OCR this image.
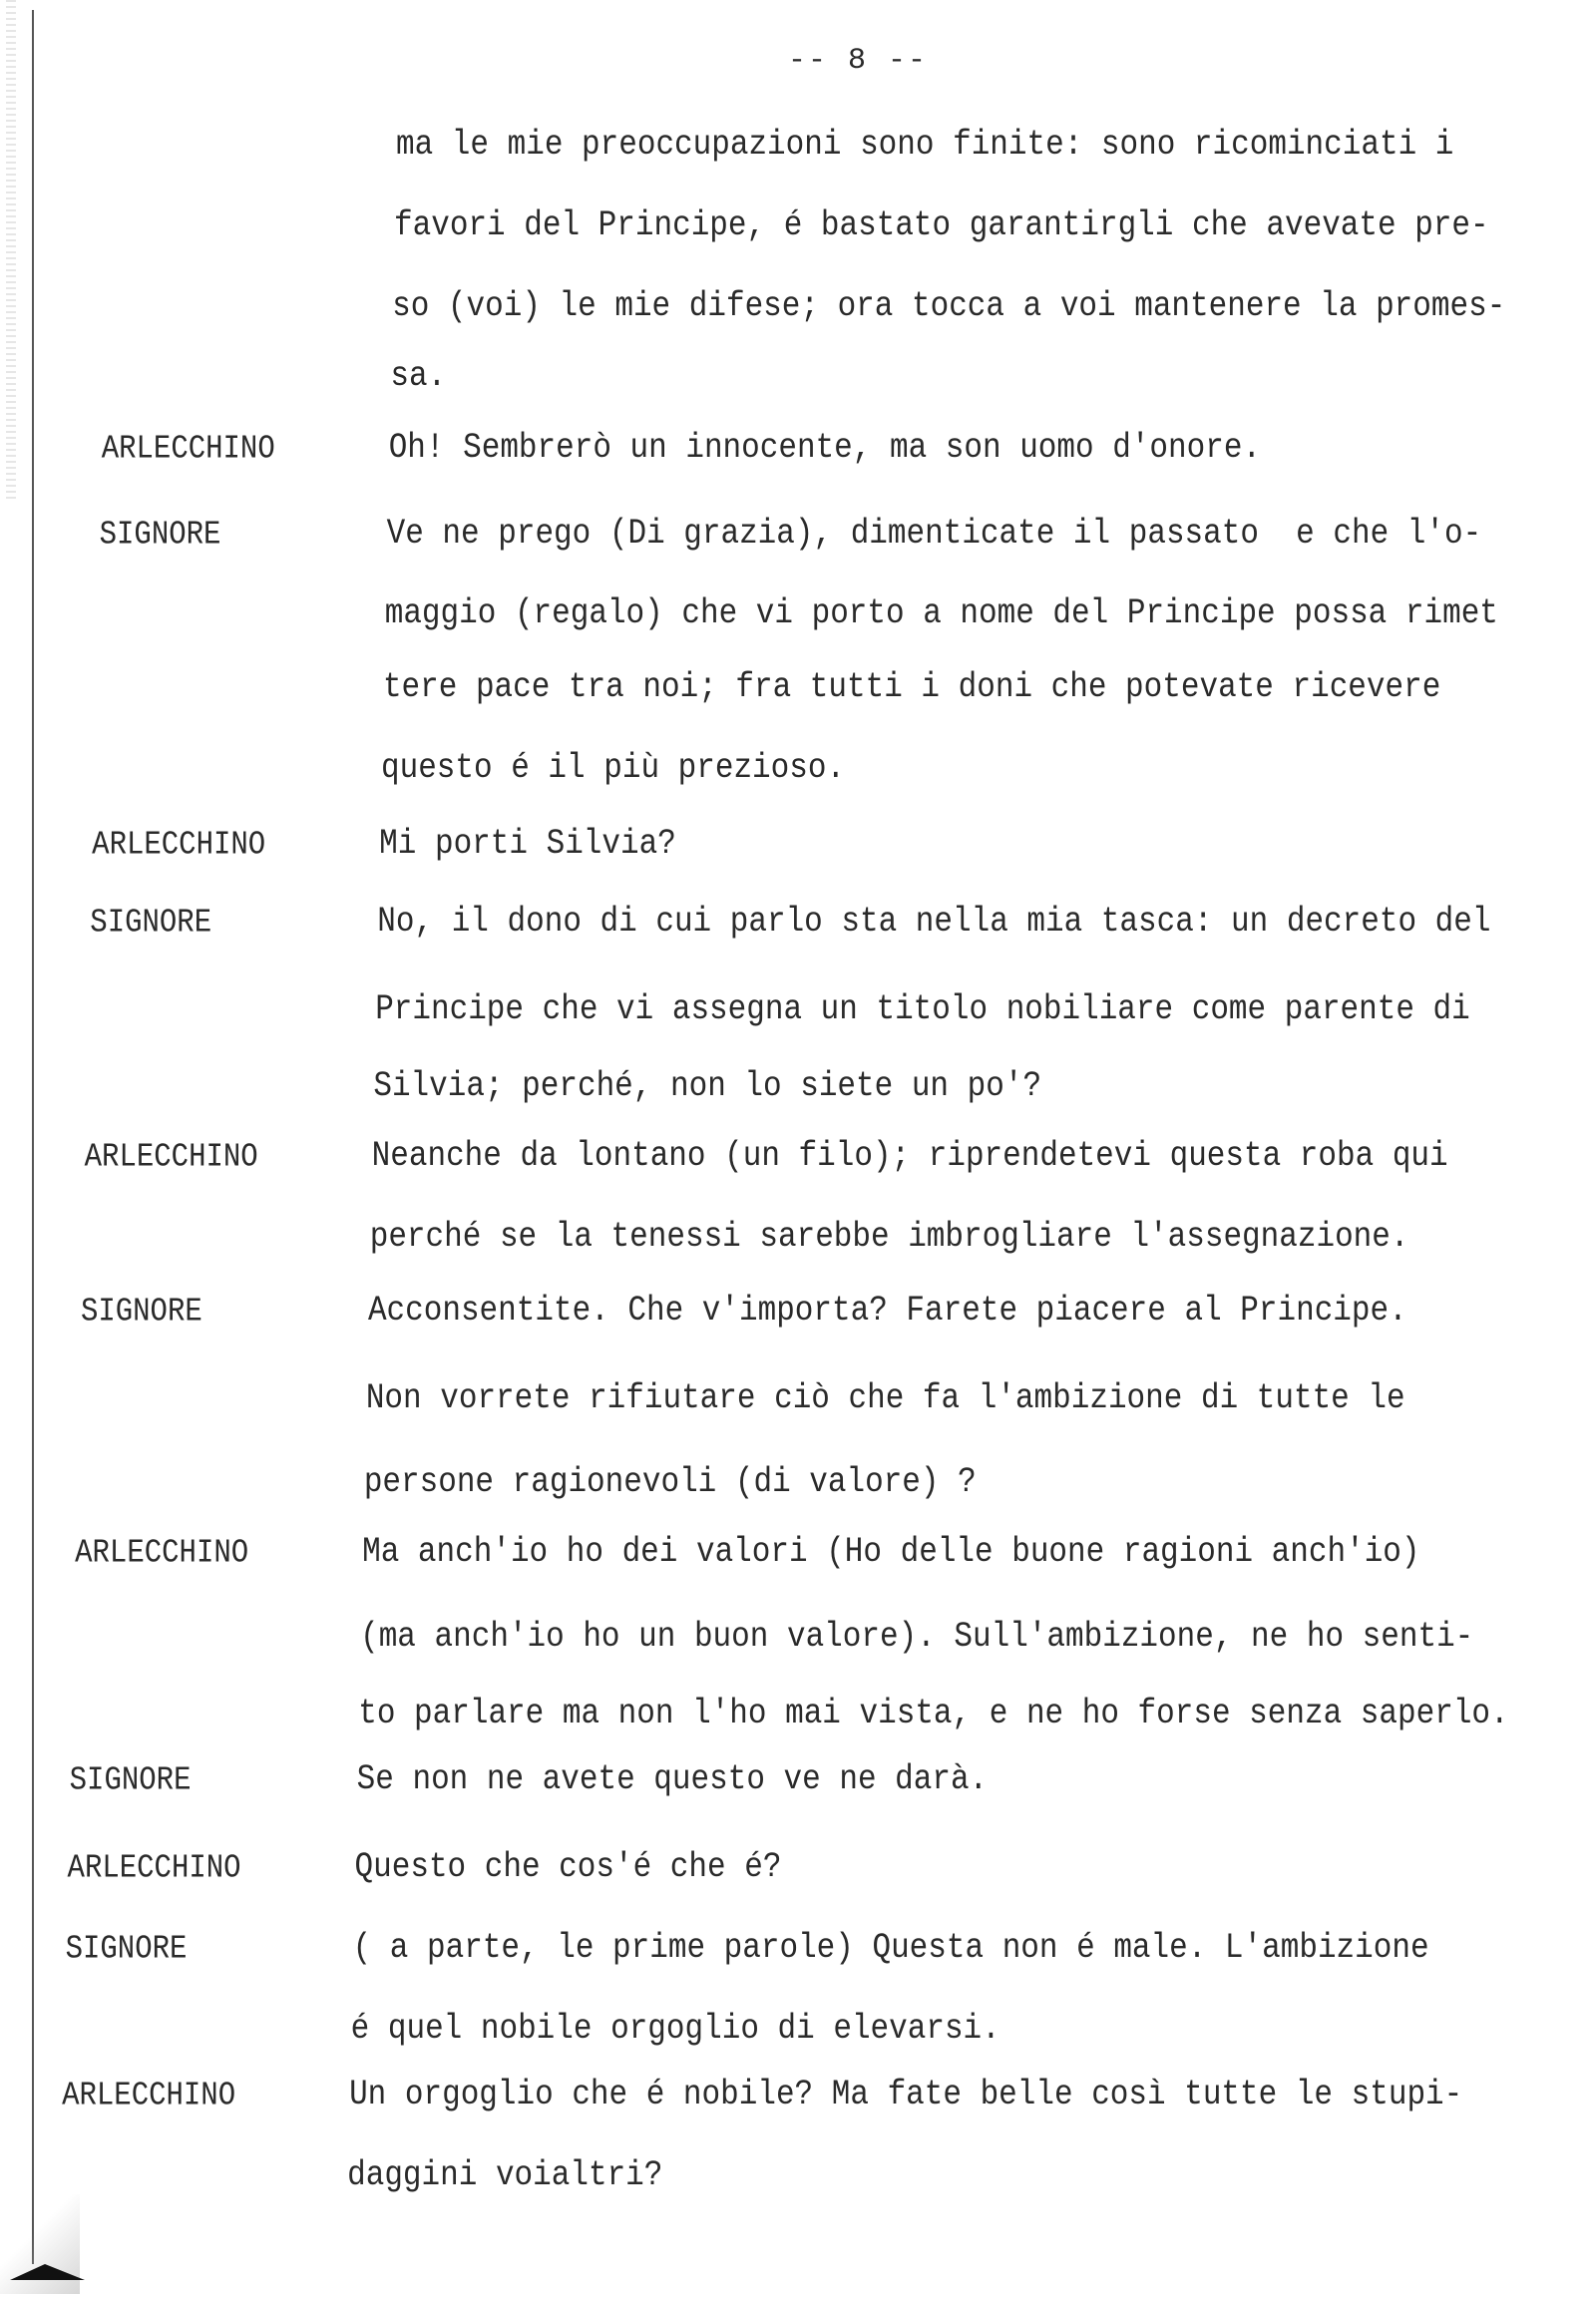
-- 8 --
ma le mie preoccupazioni sono finite: sono ricominciati i
favori del Principe, é bastato garantirgli che avevate pre-
so (voi) le mie difese; ora tocca a voi mantenere la promes-
sa.
ARLECCHINO	Oh! Sembrerò un innocente, ma son uomo d'onore.
SIGNORE	Ve ne prego (Di grazia), dimenticate il passato  e che l'o-
maggio (regalo) che vi porto a nome del Principe possa rimet
tere pace tra noi; fra tutti i doni che potevate ricevere
questo é il più prezioso.
ARLECCHINO	Mi porti Silvia?
SIGNORE	No, il dono di cui parlo sta nella mia tasca: un decreto del
Principe che vi assegna un titolo nobiliare come parente di
Silvia; perché, non lo siete un po'?
ARLECCHINO	Neanche da lontano (un filo); riprendetevi questa roba qui
perché se la tenessi sarebbe imbrogliare l'assegnazione.
SIGNORE	Acconsentite. Che v'importa? Farete piacere al Principe.
Non vorrete rifiutare ciò che fa l'ambizione di tutte le
persone ragionevoli (di valore) ?
ARLECCHINO	Ma anch'io ho dei valori (Ho delle buone ragioni anch'io)
(ma anch'io ho un buon valore). Sull'ambizione, ne ho senti-
to parlare ma non l'ho mai vista, e ne ho forse senza saperlo.
SIGNORE	Se non ne avete questo ve ne darà.
ARLECCHINO	Questo che cos'é che é?
SIGNORE	( a parte, le prime parole) Questa non é male. L'ambizione
é quel nobile orgoglio di elevarsi.
ARLECCHINO	Un orgoglio che é nobile? Ma fate belle così tutte le stupi-
daggini voialtri?
